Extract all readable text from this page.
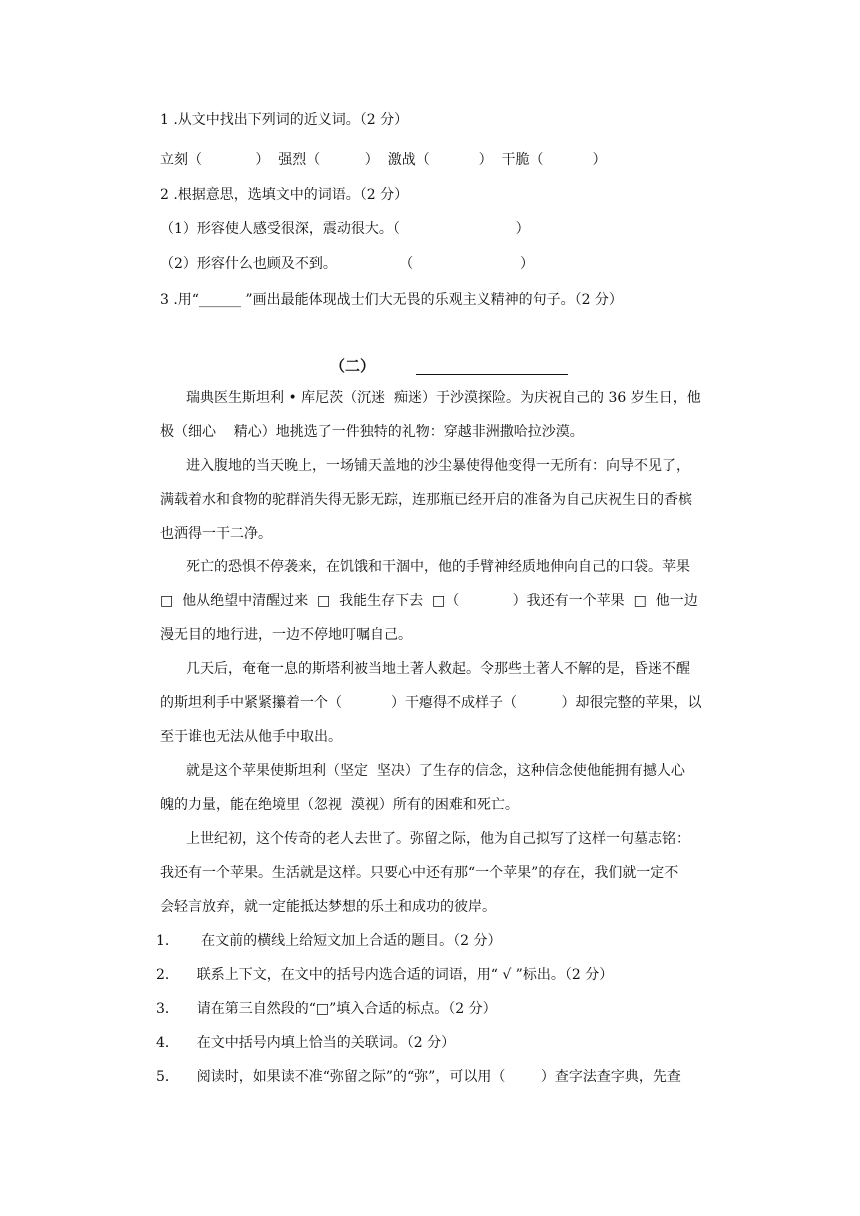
1 .从文中找出下列词的近义词。（2 分）
立刻（            ）  强烈（          ）  激战（           ）  干脆（           ）
2 .根据意思，选填文中的词语。（2 分）
（1）形容使人感受很深，震动很大。（                          ）
（2）形容什么也顾及不到。              （                        ）
3 .用“______ ”画出最能体现战士们大无畏的乐观主义精神的句子。（2 分）
（二）
瑞典医生斯坦利 • 库尼茨（沉迷  痴迷）于沙漠探险。为庆祝自己的 36 岁生日，他
极（细心    精心）地挑选了一件独特的礼物：穿越非洲撒哈拉沙漠。
进入腹地的当天晚上，一场铺天盖地的沙尘暴使得他变得一无所有：向导不见了，
满载着水和食物的驼群消失得无影无踪，连那瓶已经开启的准备为自己庆祝生日的香槟
也洒得一干二净。
死亡的恐惧不停袭来，在饥饿和干涸中，他的手臂神经质地伸向自己的口袋。苹果
□  他从绝望中清醒过来  □  我能生存下去  □（            ）我还有一个苹果  □  他一边
漫无目的地行进，一边不停地叮嘱自己。
几天后，奄奄一息的斯塔利被当地土著人救起。令那些土著人不解的是，昏迷不醒
的斯坦利手中紧紧攥着一个（           ）干瘪得不成样子（          ）却很完整的苹果，以
至于谁也无法从他手中取出。
就是这个苹果使斯坦利（坚定  坚决）了生存的信念，这种信念使他能拥有撼人心
魄的力量，能在绝境里（忽视  漠视）所有的困难和死亡。
上世纪初，这个传奇的老人去世了。弥留之际，他为自己拟写了这样一句墓志铭：
我还有一个苹果。生活就是这样。只要心中还有那“一个苹果”的存在，我们就一定不
会轻言放弃，就一定能抵达梦想的乐土和成功的彼岸。
1．     在文前的横线上给短文加上合适的题目。（2 分）
2．    联系上下文，在文中的括号内选合适的词语，用“ √ ”标出。（2 分）
3．    请在第三自然段的“□”填入合适的标点。（2 分）
4．    在文中括号内填上恰当的关联词。（2 分）
5．    阅读时，如果读不准“弥留之际”的“弥”，可以用（        ）查字法查字典，先查
